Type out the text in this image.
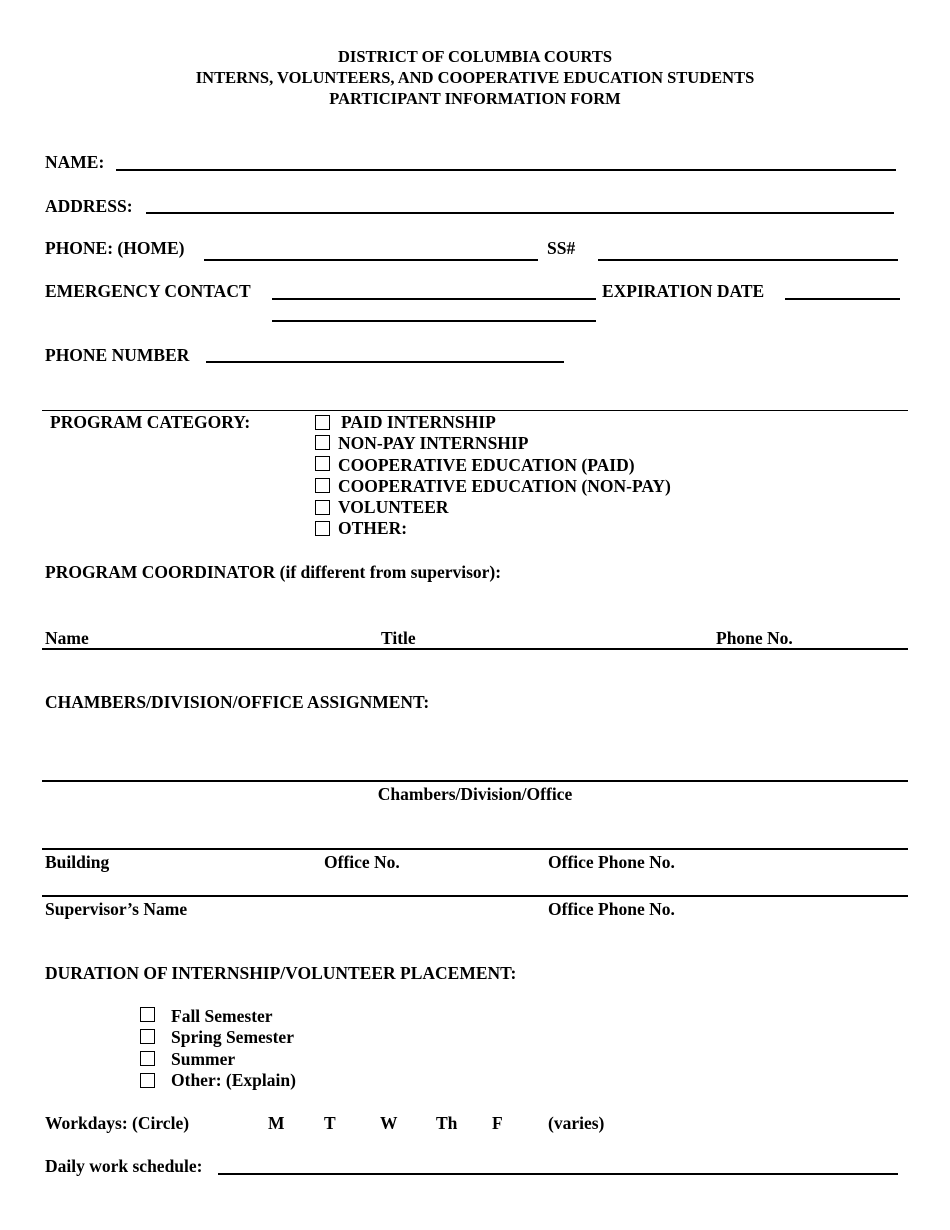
DISTRICT OF COLUMBIA COURTS
INTERNS, VOLUNTEERS, AND COOPERATIVE EDUCATION STUDENTS
PARTICIPANT INFORMATION FORM
NAME:
ADDRESS:
PHONE: (HOME)	SS#
EMERGENCY CONTACT	EXPIRATION DATE
PHONE NUMBER
PROGRAM CATEGORY:	PAID INTERNSHIP
NON-PAY INTERNSHIP
COOPERATIVE EDUCATION (PAID)
COOPERATIVE EDUCATION (NON-PAY)
VOLUNTEER
OTHER:
PROGRAM COORDINATOR (if different from supervisor):
Name	Title	Phone No.
CHAMBERS/DIVISION/OFFICE ASSIGNMENT:
Chambers/Division/Office
Building	Office No.	Office Phone No.
Supervisor’s Name	Office Phone No.
DURATION OF INTERNSHIP/VOLUNTEER PLACEMENT:
Fall Semester
Spring Semester
Summer
Other: (Explain)
Workdays: (Circle)	M T	W Th F	(varies)
Daily work schedule:
